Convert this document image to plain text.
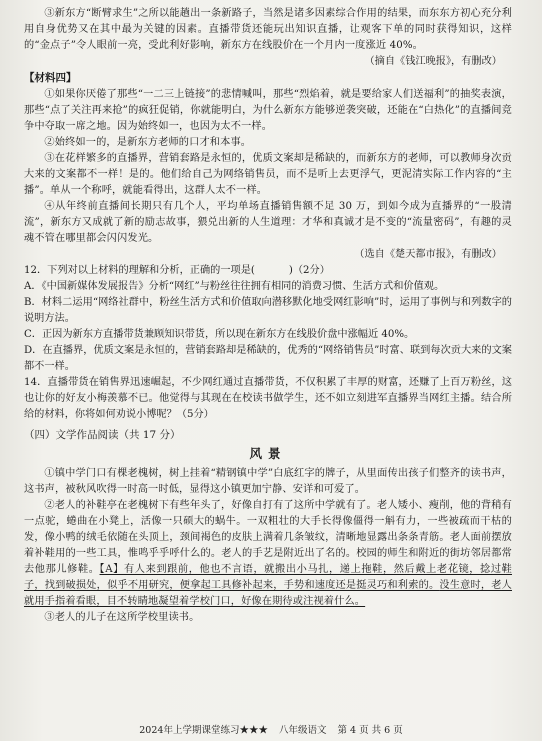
③新东方“断臂求生”之所以能趟出一条新路子，当然是诸多因素综合作用的结果，而东东方初心充分利用自身优势又在其中最为关键的因素。直播带货还能玩出知识直播，让观客下单的同时获得知识，这样的“金点子”令人眼前一亮，受此利好影响，新东方在线股价在一个月内一度涨近 40%。

（摘自《钱江晚报》，有删改）

【材料四】

①如果你厌倦了那些“一二三上链接”的悲情喊叫，那些“烈焰着，就是要给家人们送福利”的抽奖表演，那些“点了关注再来抢”的疯狂促销，你就能明白，为什么新东方能够逆袭突破，还能在“白热化”的直播间竞争中夺取一席之地。因为始终如一，也因为太不一样。

②始终如一的，是新东方老师的口才和本事。

③在花样繁多的直播界，营销套路是永恒的，优质文案却是稀缺的，而新东方的老师，可以教师身次贡大来的文案都不一样！是的。他们给自己为网络销售员，而不是听上去更浮气，更泥清实际工作内容的“主播”。单从一个称呼，就能看得出，这群人太不一样。

④从年终前直播间长期只有几个人，平均单场直播销售额不足 30 万，到如今成为直播界的“一股清流”，新东方又成就了新的励志故事，猥兑出新的人生道理：才华和真诚才是不变的“流量密码”，有趣的灵魂不管在哪里都会闪闪发光。

（选自《楚天都市报》，有删改）

12．下列对以上材料的理解和分析，正确的一项是(	)（2分）

A．《中国新媒体发展报告》分析“网红”与粉丝往往拥有相同的消费习惯、生活方式和价值观。

B．材料二运用“网络社群中，粉丝生活方式和价值取向潜移默化地受网红影响”时，运用了事例与和列数字的说明方法。

C．正因为新东方直播带货兼顾知识带货，所以现在新东方在线股价盘中涨幅近 40%。

D．在直播界，优质文案是永恒的，营销套路却是稀缺的，优秀的“网络销售员”时富、联到每次贡大来的文案都不一样。

14．直播带货在销售界迅速崛起，不少网红通过直播带货，不仅积累了丰厚的财富，还赚了上百万粉丝，这也让你的好友小梅羡慕不已。他觉得与其现在在校读书做学生，还不如立刻进军直播界当网红主播。结合所给的材料，你将如何劝说小博呢？（5分）

（四）文学作品阅读（共 17 分）

风景

①镇中学门口有棵老槐树，树上挂着“精钢镇中学”白底红字的牌子，从里面传出孩子们整齐的读书声，这书声，被秋风吹得一时高一时低，显得这小镇更加宁静、安详和可爱了。

②老人的补鞋亭在老槐树下有些年头了，好像自打有了这所中学就有了。老人矮小、瘦削，他的背稍有一点驼，蜷曲在小凳上，活像一只硕大的蜗牛。一双粗壮的大手长得像僵得一斛有力，一些被疏而干枯的发，像小鸭的绒毛依随在头顶上，颈间褐色的皮肤上满着几条皱纹，清晰地显露出条条青筋。老人面前摆放着补鞋用的一些工具，惟鸣乎乎呼什么的。老人的手艺是附近出了名的。校园的师生和附近的街坊邻居都常去他那儿修鞋。【A】有人来到跟前，他也不言语，就搬出小马扎，递上拖鞋，然后戴上老花镜，捻过鞋子，找到破损处，似乎不用研究，便拿起工具修补起来，手势和速度还是挺灵巧和利索的。没生意时，老人就用手指着看眼，目不转睛地凝望着学校门口，好像在期待或注视着什么。

③老人的儿子在这所学校里读书。

2024年上学期课堂练习★★★ 八年级语文 第 4 页 共 6 页
